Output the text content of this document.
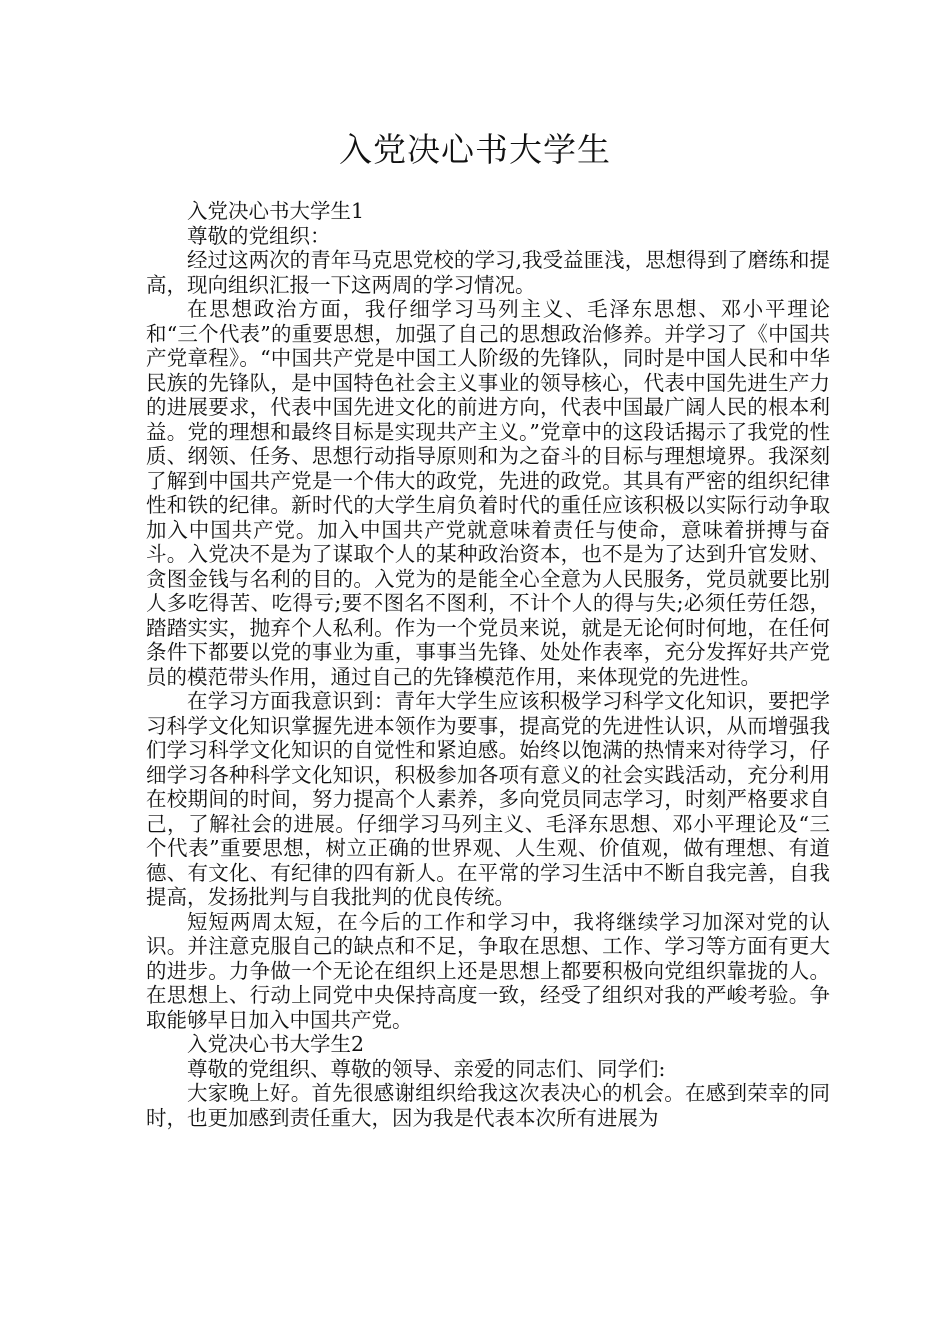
入党决心书大学生

入党决心书大学生1

尊敬的党组织：

经过这两次的青年马克思党校的学习,我受益匪浅，思想得到了磨练和提高，现向组织汇报一下这两周的学习情况。

在思想政治方面，我仔细学习马列主义、毛泽东思想、邓小平理论和“三个代表”的重要思想，加强了自己的思想政治修养。并学习了《中国共产党章程》。“中国共产党是中国工人阶级的先锋队，同时是中国人民和中华民族的先锋队，是中国特色社会主义事业的领导核心，代表中国先进生产力的进展要求，代表中国先进文化的前进方向，代表中国最广阔人民的根本利益。党的理想和最终目标是实现共产主义。”党章中的这段话揭示了我党的性质、纲领、任务、思想行动指导原则和为之奋斗的目标与理想境界。我深刻了解到中国共产党是一个伟大的政党，先进的政党。其具有严密的组织纪律性和铁的纪律。新时代的大学生肩负着时代的重任应该积极以实际行动争取加入中国共产党。加入中国共产党就意味着责任与使命，意味着拼搏与奋斗。入党决不是为了谋取个人的某种政治资本，也不是为了达到升官发财、贪图金钱与名利的目的。入党为的是能全心全意为人民服务，党员就要比别人多吃得苦、吃得亏;要不图名不图利，不计个人的得与失;必须任劳任怨，踏踏实实，抛弃个人私利。作为一个党员来说，就是无论何时何地，在任何条件下都要以党的事业为重，事事当先锋、处处作表率，充分发挥好共产党员的模范带头作用，通过自己的先锋模范作用，来体现党的先进性。

在学习方面我意识到：青年大学生应该积极学习科学文化知识，要把学习科学文化知识掌握先进本领作为要事，提高党的先进性认识，从而增强我们学习科学文化知识的自觉性和紧迫感。始终以饱满的热情来对待学习，仔细学习各种科学文化知识，积极参加各项有意义的社会实践活动，充分利用在校期间的时间，努力提高个人素养，多向党员同志学习，时刻严格要求自己，了解社会的进展。仔细学习马列主义、毛泽东思想、邓小平理论及“三个代表”重要思想，树立正确的世界观、人生观、价值观，做有理想、有道德、有文化、有纪律的四有新人。在平常的学习生活中不断自我完善，自我提高，发扬批判与自我批判的优良传统。

短短两周太短，在今后的工作和学习中，我将继续学习加深对党的认识。并注意克服自己的缺点和不足，争取在思想、工作、学习等方面有更大的进步。力争做一个无论在组织上还是思想上都要积极向党组织靠拢的人。在思想上、行动上同党中央保持高度一致，经受了组织对我的严峻考验。争取能够早日加入中国共产党。

入党决心书大学生2

尊敬的党组织、尊敬的领导、亲爱的同志们、同学们:

大家晚上好。首先很感谢组织给我这次表决心的机会。在感到荣幸的同时，也更加感到责任重大，因为我是代表本次所有进展为
